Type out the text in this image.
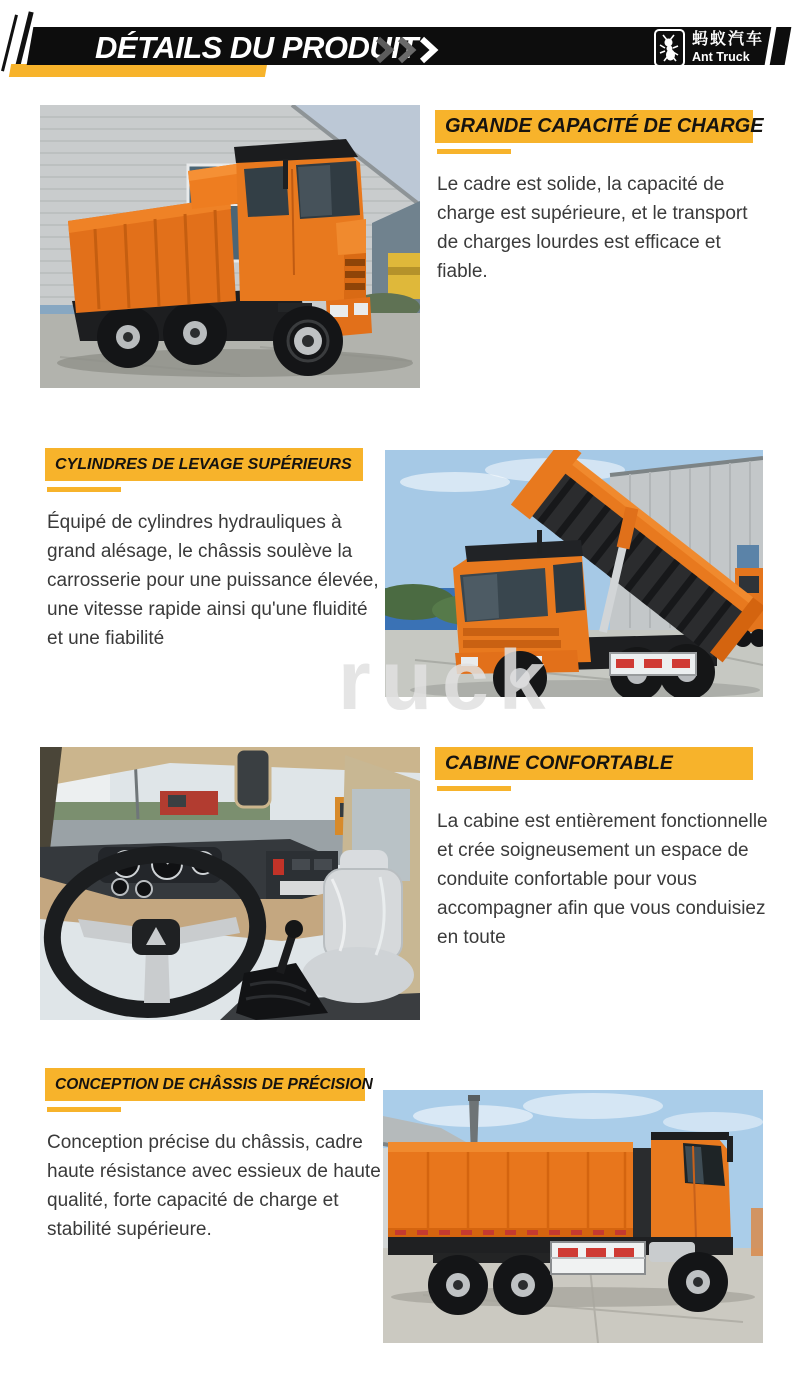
DÉTAILS DU PRODUIT	蚂蚁汽车
Ant Truck
GRANDE CAPACITÉ DE CHARGE

Le cadre est solide, la capacité de charge est supérieure, et le transport de charges lourdes est efficace et fiable.

CYLINDRES DE LEVAGE SUPÉRIEURS

Équipé de cylindres hydrauliques à grand alésage, le châssis soulève la carrosserie pour une puissance élevée, une vitesse rapide ainsi qu'une fluidité et une fiabilité	ruck
CABINE CONFORTABLE

La cabine est entièrement fonctionnelle et crée soigneusement un espace de conduite confortable pour vous accompagner afin que vous conduisiez en toute

CONCEPTION DE CHÂSSIS DE PRÉCISION

Conception précise du châssis, cadre haute résistance avec essieux de haute qualité, forte capacité de charge et stabilité supérieure.
